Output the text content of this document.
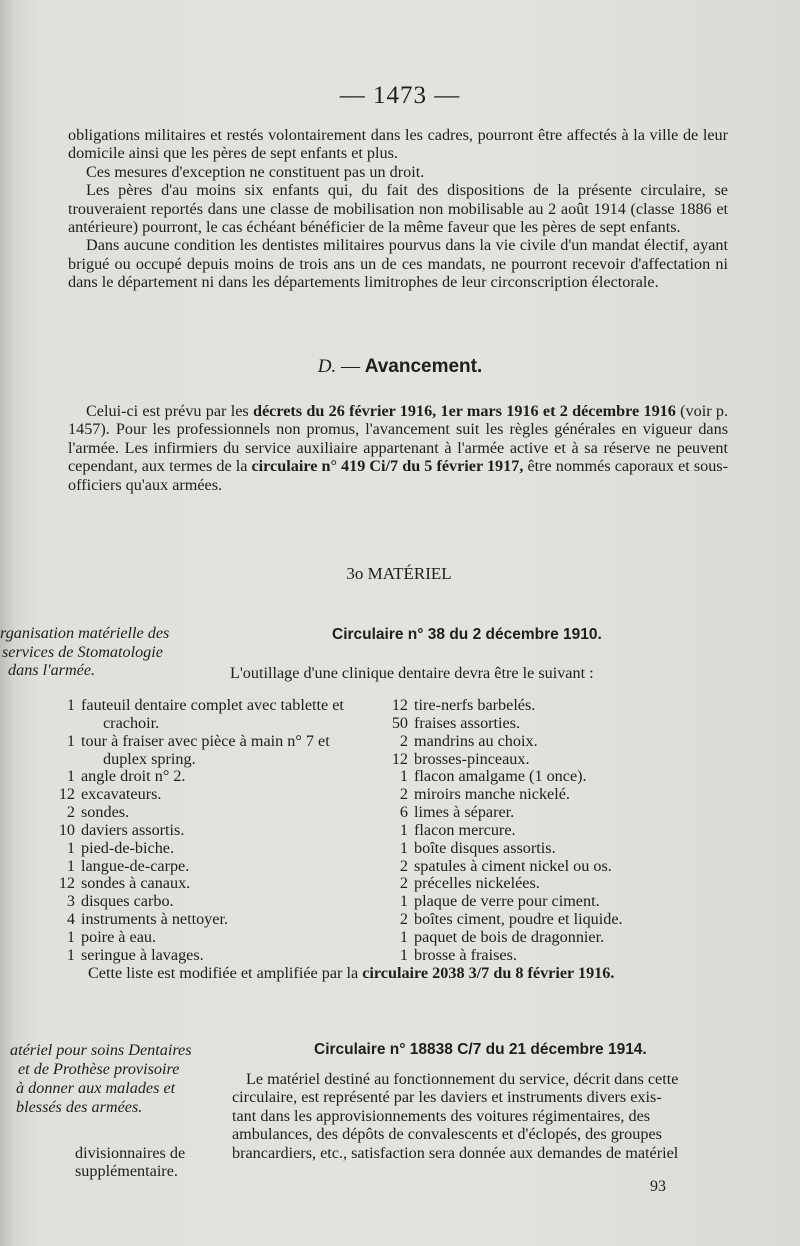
— 1473 —

obligations militaires et restés volontairement dans les cadres, pourront être affectés à la ville de leur domicile ainsi que les pères de sept enfants et plus.

Ces mesures d'exception ne constituent pas un droit.

Les pères d'au moins six enfants qui, du fait des dispositions de la présente circulaire, se trouveraient reportés dans une classe de mobilisation non mobilisable au 2 août 1914 (classe 1886 et antérieure) pourront, le cas échéant bénéficier de la même faveur que les pères de sept enfants.

Dans aucune condition les dentistes militaires pourvus dans la vie civile d'un mandat électif, ayant brigué ou occupé depuis moins de trois ans un de ces mandats, ne pourront recevoir d'affectation ni dans le département ni dans les départements limitrophes de leur circonscription électorale.

D. — Avancement.

Celui-ci est prévu par les décrets du 26 février 1916, 1er mars 1916 et 2 décembre 1916 (voir p. 1457). Pour les professionnels non promus, l'avancement suit les règles générales en vigueur dans l'armée. Les infirmiers du service auxiliaire appartenant à l'armée active et à sa réserve ne peuvent cependant, aux termes de la circulaire n° 419 Ci/7 du 5 février 1917, être nommés caporaux et sous-officiers qu'aux armées.

3o MATÉRIEL
rganisation matérielle des
services de Stomatologie
dans l'armée.
Circulaire n° 38 du 2 décembre 1910.
L'outillage d'une clinique dentaire devra être le suivant :
1 fauteuil dentaire complet avec tablette et
crachoir.
1 tour à fraiser avec pièce à main n° 7 et
duplex spring.
1 angle droit n° 2.
12 excavateurs.
2 sondes.
10 daviers assortis.
1 pied-de-biche.
1 langue-de-carpe.
12 sondes à canaux.
3 disques carbo.
4 instruments à nettoyer.
1 poire à eau.
1 seringue à lavages.
12 tire-nerfs barbelés.
50 fraises assorties.
2 mandrins au choix.
12 brosses-pinceaux.
1 flacon amalgame (1 once).
2 miroirs manche nickelé.
6 limes à séparer.
1 flacon mercure.
1 boîte disques assortis.
2 spatules à ciment nickel ou os.
2 précelles nickelées.
1 plaque de verre pour ciment.
2 boîtes ciment, poudre et liquide.
1 paquet de bois de dragonnier.
1 brosse à fraises.
Cette liste est modifiée et amplifiée par la circulaire 2038 3/7 du 8 février 1916.
atériel pour soins Dentaires
et de Prothèse provisoire
à donner aux malades et
blessés des armées.
Circulaire n° 18838 C/7 du 21 décembre 1914.
Le matériel destiné au fonctionnement du service, décrit dans cette
circulaire, est représenté par les daviers et instruments divers exis-
tant dans les approvisionnements des voitures régimentaires, des
ambulances, des dépôts de convalescents et d'éclopés, des groupes
divisionnaires de	brancardiers, etc., satisfaction sera donnée aux demandes de matériel
supplémentaire.
93
